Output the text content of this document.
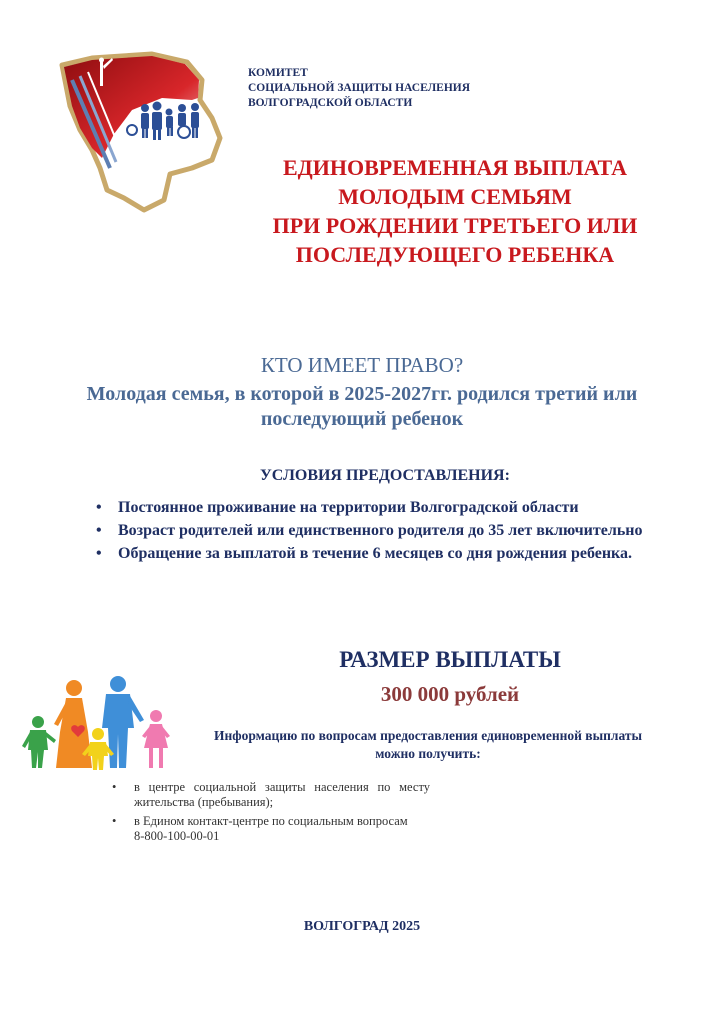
КОМИТЕТ
СОЦИАЛЬНОЙ ЗАЩИТЫ НАСЕЛЕНИЯ
ВОЛГОГРАДСКОЙ ОБЛАСТИ
ЕДИНОВРЕМЕННАЯ ВЫПЛАТА
МОЛОДЫМ СЕМЬЯМ
ПРИ РОЖДЕНИИ ТРЕТЬЕГО ИЛИ
ПОСЛЕДУЮЩЕГО РЕБЕНКА
КТО ИМЕЕТ ПРАВО?
Молодая семья, в которой в 2025-2027гг. родился третий или последующий ребенок
УСЛОВИЯ ПРЕДОСТАВЛЕНИЯ:
• Постоянное проживание на территории Волгоградской области
• Возраст родителей или единственного родителя до 35 лет включительно
• Обращение за выплатой в течение 6 месяцев со дня рождения ребенка.
РАЗМЕР ВЫПЛАТЫ
300 000 рублей
Информацию по вопросам предоставления единовременной выплаты можно получить:
• в центре социальной защиты населения по месту жительства (пребывания);
• в Едином контакт-центре по социальным вопросам
8-800-100-00-01
ВОЛГОГРАД 2025
